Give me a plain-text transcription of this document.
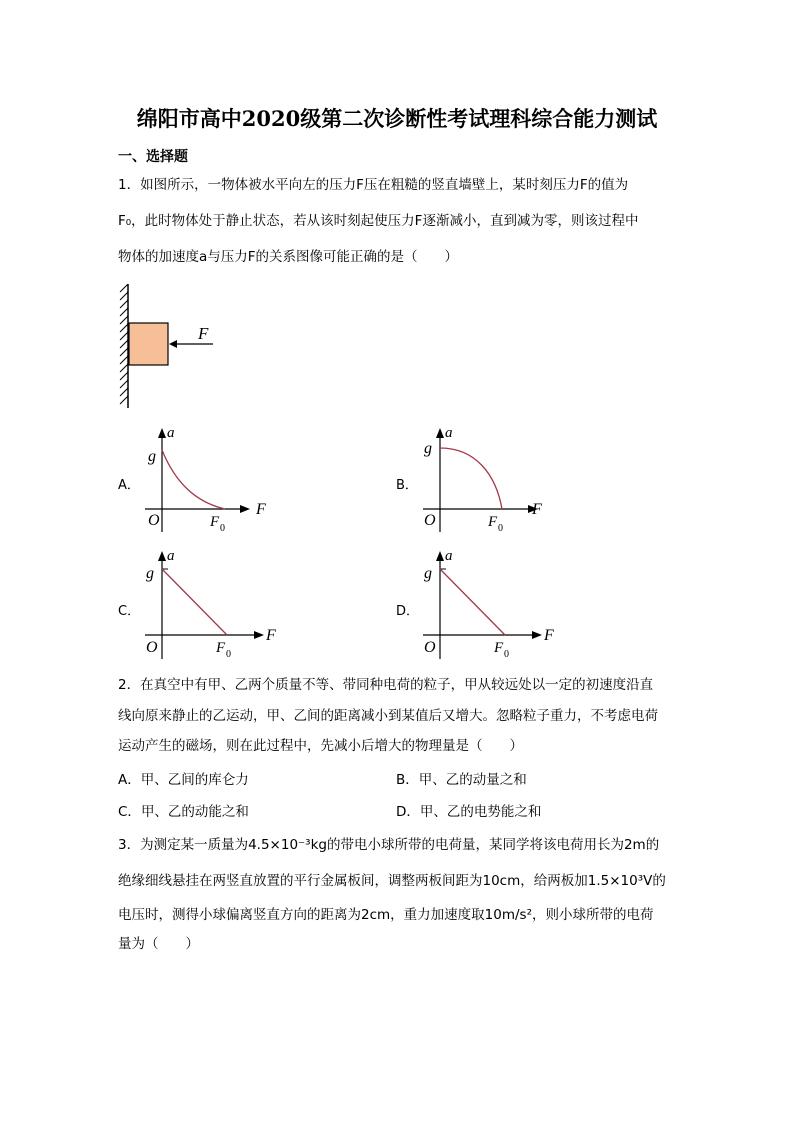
绵阳市高中2020级第二次诊断性考试理科综合能力测试
一、选择题
1．如图所示，一物体被水平向左的压力F压在粗糙的竖直墙壁上，某时刻压力F的值为
F₀，此时物体处于静止状态，若从该时刻起使压力F逐渐减小，直到减为零，则该过程中
物体的加速度a与压力F的关系图像可能正确的是（　　）
F
A．
a
g
O	F 0
F
B．
a
g
O	F 0
F
C．
a
g
O	F 0
F
D．
a
g
O	F 0
F
2．在真空中有甲、乙两个质量不等、带同种电荷的粒子，甲从较远处以一定的初速度沿直
线向原来静止的乙运动，甲、乙间的距离减小到某值后又增大。忽略粒子重力，不考虑电荷
运动产生的磁场，则在此过程中，先减小后增大的物理量是（　　）
A．甲、乙间的库仑力	B．甲、乙的动量之和
C．甲、乙的动能之和	D．甲、乙的电势能之和
3．为测定某一质量为4.5×10⁻³kg的带电小球所带的电荷量，某同学将该电荷用长为2m的
绝缘细线悬挂在两竖直放置的平行金属板间，调整两板间距为10cm，给两板加1.5×10³V的
电压时，测得小球偏离竖直方向的距离为2cm，重力加速度取10m/s²，则小球所带的电荷
量为（　　）
